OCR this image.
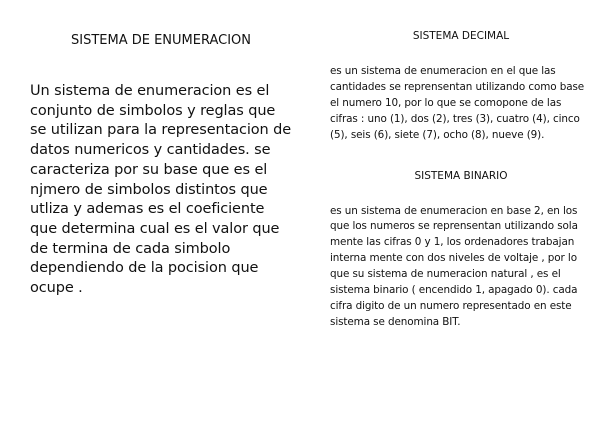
SISTEMA DE ENUMERACION

Un sistema de enumeracion es el conjunto de simbolos y reglas que se utilizan para la representacion de datos numericos y cantidades. se caracteriza por su base que es el njmero de simbolos distintos que utliza y ademas es el coeficiente que determina cual es el valor que de termina de cada simbolo dependiendo de la pocision que ocupe .

SISTEMA DECIMAL

es un sistema de enumeracion en el que las cantidades se reprensentan utilizando como base el numero 10, por lo que se comopone de las cifras : uno (1), dos (2), tres (3), cuatro (4), cinco (5), seis (6), siete (7), ocho (8), nueve (9).

SISTEMA BINARIO

es un sistema de enumeracion en base 2, en los que los numeros se reprensentan utilizando sola mente las cifras 0 y 1, los ordenadores trabajan interna mente con dos niveles de voltaje , por lo que su sistema de numeracion natural , es el sistema binario ( encendido 1, apagado 0). cada cifra digito de un numero representado en este sistema se denomina BIT.
